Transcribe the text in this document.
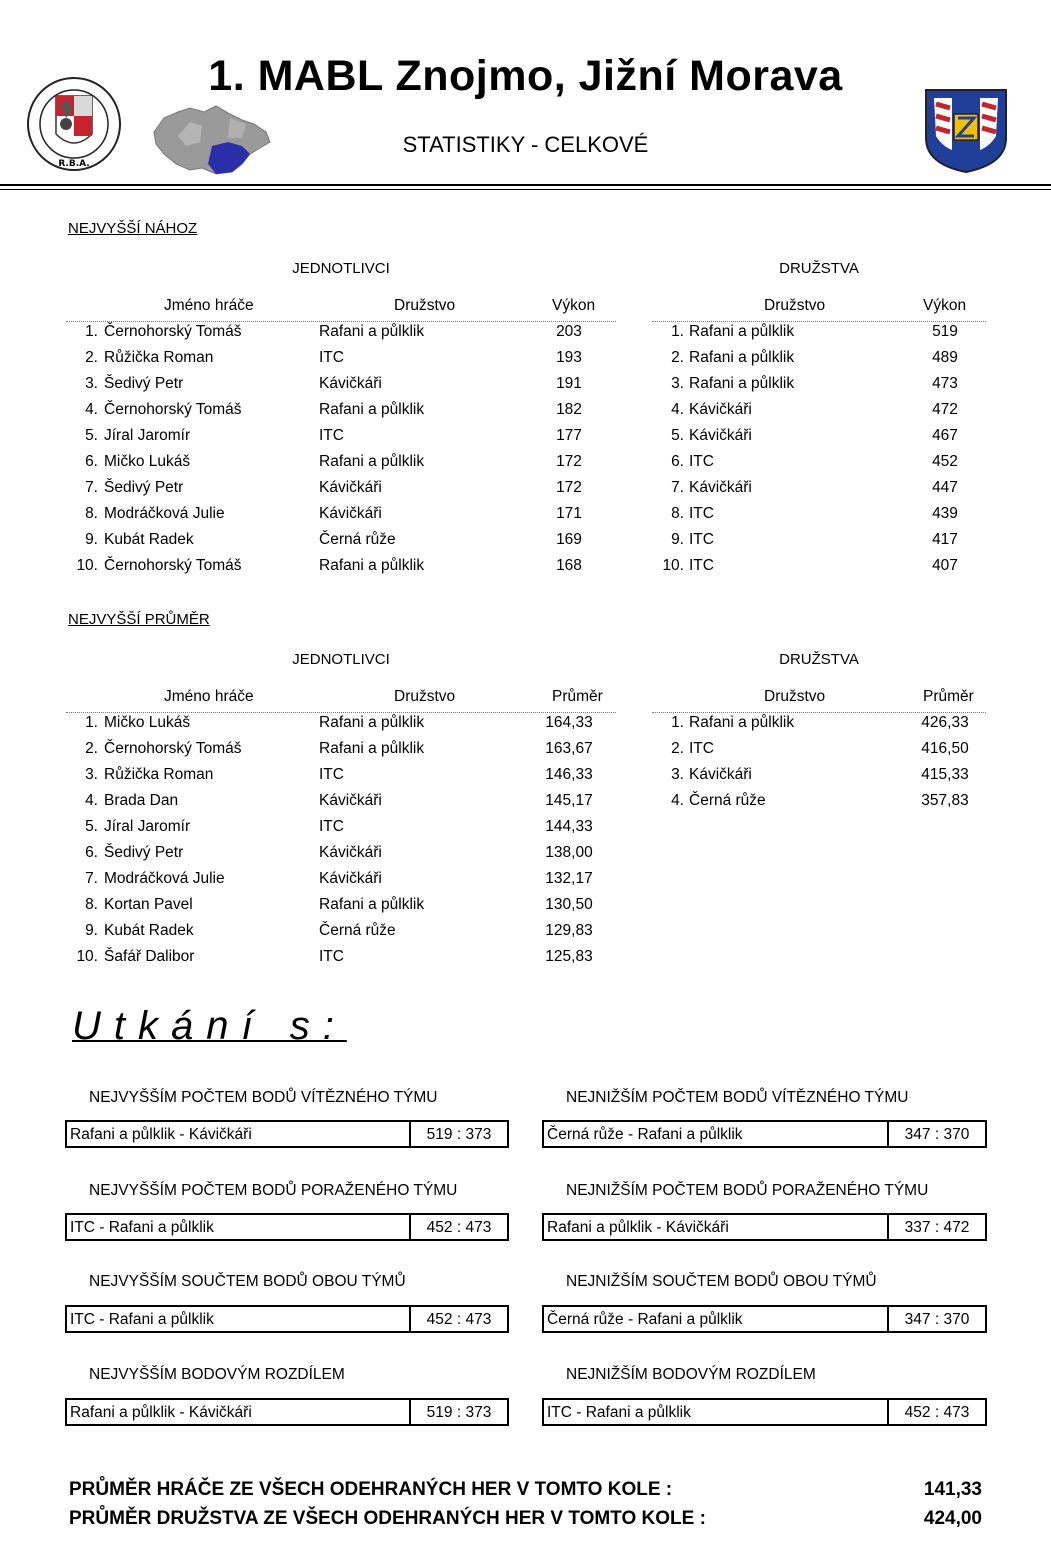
R.B.A.
1. MABL Znojmo, Jižní Morava
STATISTIKY - CELKOVÉ
NEJVYŠŠÍ NÁHOZ
JEDNOTLIVCI	DRUŽSTVA
Jméno hráče	Družstvo	Výkon
1. Černohorský Tomáš	Rafani a půlklik	203
2. Růžička Roman	ITC	193
3. Šedivý Petr	Kávičkáři	191
4. Černohorský Tomáš	Rafani a půlklik	182
5. Jíral Jaromír	ITC	177
6. Mičko Lukáš	Rafani a půlklik	172
7. Šedivý Petr	Kávičkáři	172
8. Modráčková Julie	Kávičkáři	171
9. Kubát Radek	Černá růže	169
10. Černohorský Tomáš	Rafani a půlklik	168
Družstvo	Výkon
1. Rafani a půlklik	519
2. Rafani a půlklik	489
3. Rafani a půlklik	473
4. Kávičkáři	472
5. Kávičkáři	467
6. ITC	452
7. Kávičkáři	447
8. ITC	439
9. ITC	417
10. ITC	407
NEJVYŠŠÍ PRŮMĚR
JEDNOTLIVCI	DRUŽSTVA
Jméno hráče	Družstvo	Průměr
1. Mičko Lukáš	Rafani a půlklik	164,33
2. Černohorský Tomáš	Rafani a půlklik	163,67
3. Růžička Roman	ITC	146,33
4. Brada Dan	Kávičkáři	145,17
5. Jíral Jaromír	ITC	144,33
6. Šedivý Petr	Kávičkáři	138,00
7. Modráčková Julie	Kávičkáři	132,17
8. Kortan Pavel	Rafani a půlklik	130,50
9. Kubát Radek	Černá růže	129,83
10. Šafář Dalibor	ITC	125,83
Družstvo	Průměr
1. Rafani a půlklik	426,33
2. ITC	416,50
3. Kávičkáři	415,33
4. Černá růže	357,83
Utkání s:
NEJVYŠŠÍM POČTEM BODŮ VÍTĚZNÉHO TÝMU
Rafani a půlklik - Kávičkáři	519 : 373
NEJNIŽŠÍM POČTEM BODŮ VÍTĚZNÉHO TÝMU
Černá růže - Rafani a půlklik	347 : 370
NEJVYŠŠÍM POČTEM BODŮ PORAŽENÉHO TÝMU
ITC - Rafani a půlklik	452 : 473
NEJNIŽŠÍM POČTEM BODŮ PORAŽENÉHO TÝMU
Rafani a půlklik - Kávičkáři	337 : 472
NEJVYŠŠÍM SOUČTEM BODŮ OBOU TÝMŮ
ITC - Rafani a půlklik	452 : 473
NEJNIŽŠÍM SOUČTEM BODŮ OBOU TÝMŮ
Černá růže - Rafani a půlklik	347 : 370
NEJVYŠŠÍM BODOVÝM ROZDÍLEM
Rafani a půlklik - Kávičkáři	519 : 373
NEJNIŽŠÍM BODOVÝM ROZDÍLEM
ITC - Rafani a půlklik	452 : 473
PRŮMĚR HRÁČE ZE VŠECH ODEHRANÝCH HER V TOMTO KOLE :	141,33
PRŮMĚR DRUŽSTVA ZE VŠECH ODEHRANÝCH HER V TOMTO KOLE :	424,00
